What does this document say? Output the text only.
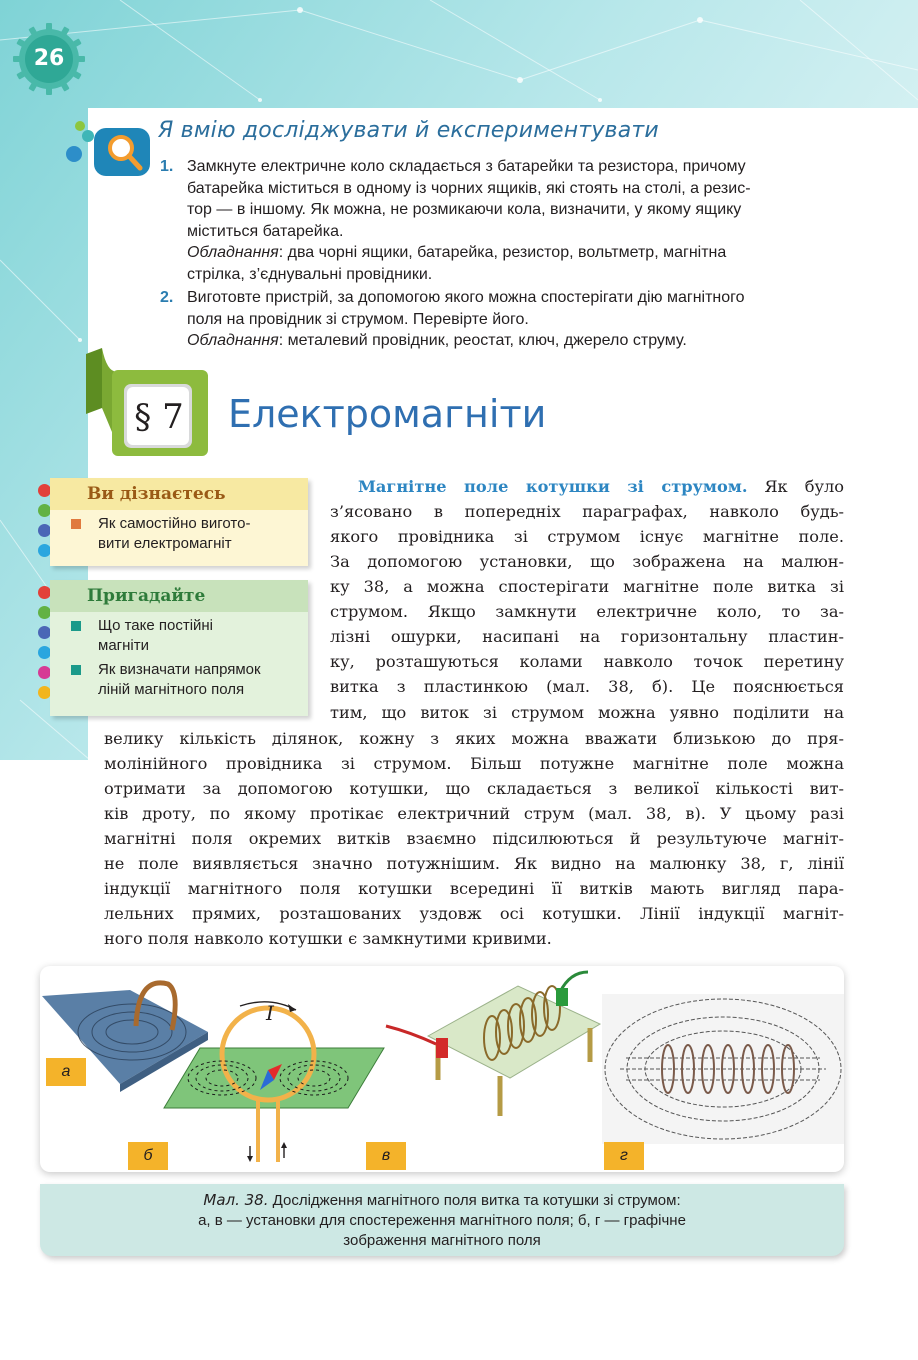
26
Я вмію досліджувати й експериментувати
1. Замкнуте електричне коло складається з батарейки та резистора, причому
батарейка міститься в одному із чорних ящиків, які стоять на столі, а резис-
тор — в іншому. Як можна, не розмикаючи кола, визначити, у якому ящику
міститься батарейка.
Обладнання: два чорні ящики, батарейка, резистор, вольтметр, магнітна
стрілка, з’єднувальні провідники.
2. Виготовте пристрій, за допомогою якого можна спостерігати дію магнітного
поля на провідник зі струмом. Перевірте його.
Обладнання: металевий провідник, реостат, ключ, джерело струму.
§ 7 Електромагніти
Ви дізнаєтесь
Як самостійно вигото-
вити електромагніт
Пригадайте
Що таке постійні
магніти
Як визначати напрямок
ліній магнітного поля
Магнітне поле котушки зі струмом. Як було
з’ясовано в попередніх параграфах, навколо будь-
якого провідника зі струмом існує магнітне поле.
За допомогою установки, що зображена на малюн-
ку 38, а можна спостерігати магнітне поле витка зі
струмом. Якщо замкнути електричне коло, то за-
лізні ошурки, насипані на горизонтальну пластин-
ку, розташуються колами навколо точок перетину
витка з пластинкою (мал. 38, б). Це пояснюється
тим, що виток зі струмом можна уявно поділити на
велику кількість ділянок, кожну з яких можна вважати близькою до пря-
молінійного провідника зі струмом. Більш потужне магнітне поле можна
отримати за допомогою котушки, що складається з великої кількості вит-
ків дроту, по якому протікає електричний струм (мал. 38, в). У цьому разі
магнітні поля окремих витків взаємно підсилюються й результуюче магніт-
не поле виявляється значно потужнішим. Як видно на малюнку 38, г, лінії
індукції магнітного поля котушки всередині її витків мають вигляд пара-
лельних прямих, розташованих уздовж осі котушки. Лінії індукції магніт-
ного поля навколо котушки є замкнутими кривими.
I
а
б	в	г
Мал. 38. Дослідження магнітного поля витка та котушки зі струмом:
а, в — установки для спостереження магнітного поля; б, г — графічне
зображення магнітного поля
